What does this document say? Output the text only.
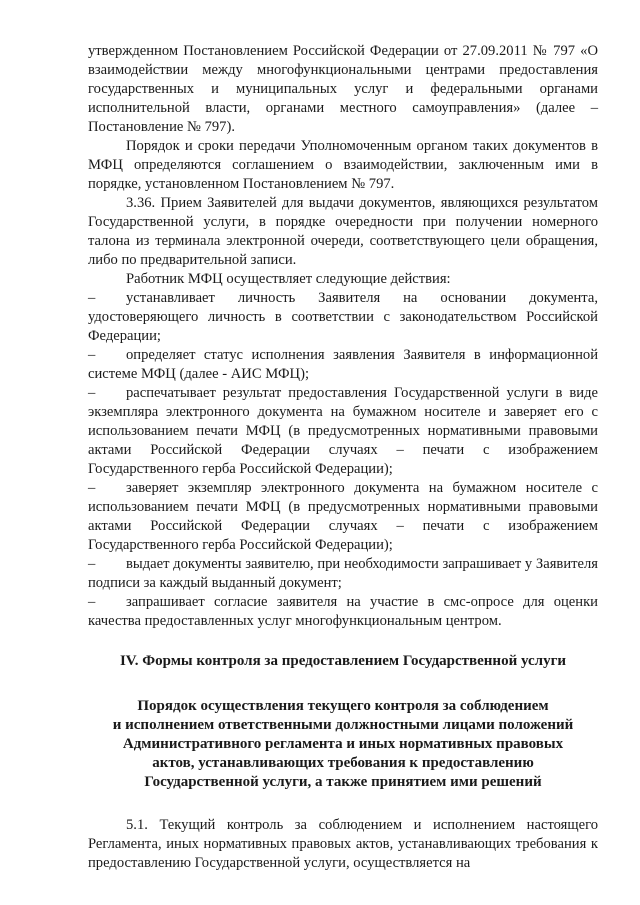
утвержденном Постановлением Российской Федерации от 27.09.2011 № 797 «О взаимодействии между многофункциональными центрами предоставления государственных и муниципальных услуг и федеральными органами исполнительной власти, органами местного самоуправления» (далее – Постановление № 797).

Порядок и сроки передачи Уполномоченным органом таких документов в МФЦ определяются соглашением о взаимодействии, заключенным ими в порядке, установленном Постановлением № 797.

3.36. Прием Заявителей для выдачи документов, являющихся результатом Государственной услуги, в порядке очередности при получении номерного талона из терминала электронной очереди, соответствующего цели обращения, либо по предварительной записи.

Работник МФЦ осуществляет следующие действия:

– устанавливает личность Заявителя на основании документа, удостоверяющего личность в соответствии с законодательством Российской Федерации;

– определяет статус исполнения заявления Заявителя в информационной системе МФЦ (далее - АИС МФЦ);

– распечатывает результат предоставления Государственной услуги в виде экземпляра электронного документа на бумажном носителе и заверяет его с использованием печати МФЦ (в предусмотренных нормативными правовыми актами Российской Федерации случаях – печати с изображением Государственного герба Российской Федерации);

– заверяет экземпляр электронного документа на бумажном носителе с использованием печати МФЦ (в предусмотренных нормативными правовыми актами Российской Федерации случаях – печати с изображением Государственного герба Российской Федерации);

– выдает документы заявителю, при необходимости запрашивает у Заявителя подписи за каждый выданный документ;

– запрашивает согласие заявителя на участие в смс-опросе для оценки качества предоставленных услуг многофункциональным центром.

IV. Формы контроля за предоставлением Государственной услуги
Порядок осуществления текущего контроля за соблюдением
и исполнением ответственными должностными лицами положений
Административного регламента и иных нормативных правовых
актов, устанавливающих требования к предоставлению
Государственной услуги, а также принятием ими решений

5.1. Текущий контроль за соблюдением и исполнением настоящего Регламента, иных нормативных правовых актов, устанавливающих требования к предоставлению Государственной услуги, осуществляется на
